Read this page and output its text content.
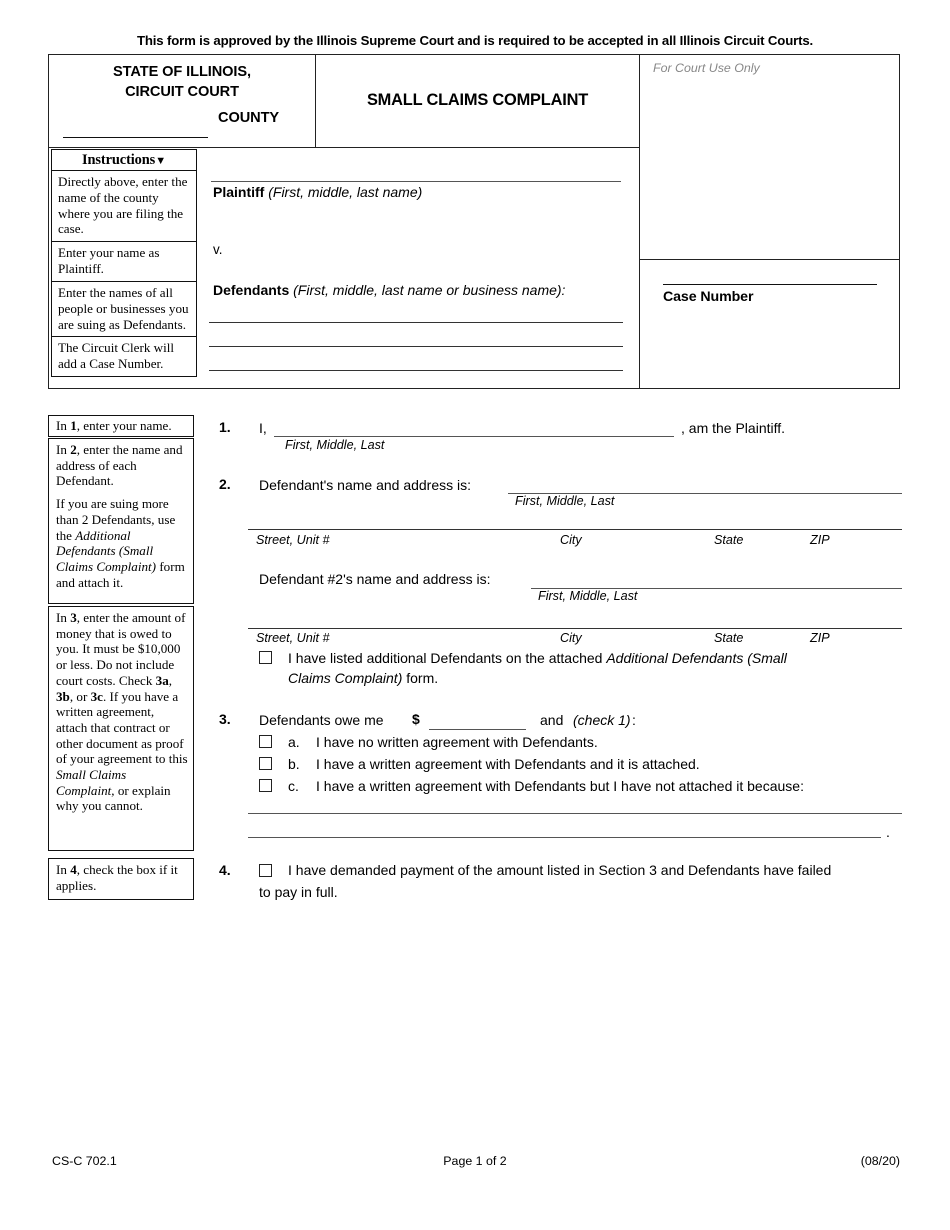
This form is approved by the Illinois Supreme Court and is required to be accepted in all Illinois Circuit Courts.
STATE OF ILLINOIS,
CIRCUIT COURT
COUNTY
SMALL CLAIMS COMPLAINT
For Court Use Only
Case Number
Instructions▼
Directly above, enter the name of the county where you are filing the case.
Enter your name as Plaintiff.
Enter the names of all people or businesses you are suing as Defendants.
The Circuit Clerk will add a Case Number.
Plaintiff (First, middle, last name)
v.
Defendants (First, middle, last name or business name):

In 1, enter your name.

In 2, enter the name and address of each Defendant.

If you are suing more than 2 Defendants, use the Additional Defendants (Small Claims Complaint) form and attach it.

In 3, enter the amount of money that is owed to you. It must be $10,000 or less. Do not include court costs. Check 3a, 3b, or 3c. If you have a written agreement, attach that contract or other document as proof of your agreement to this Small Claims Complaint, or explain why you cannot.

In 4, check the box if it applies.

1. I,
First, Middle, Last
, am the Plaintiff.
2. Defendant's name and address is:
First, Middle, Last
Street, Unit #	City	State	ZIP
Defendant #2's name and address is:
First, Middle, Last
Street, Unit #	City	State	ZIP
I have listed additional Defendants on the attached Additional Defendants (Small
Claims Complaint) form.
3. Defendants owe me $	and (check 1) :
a. I have no written agreement with Defendants.
b. I have a written agreement with Defendants and it is attached.
c. I have a written agreement with Defendants but I have not attached it because:
.
4.	I have demanded payment of the amount listed in Section 3 and Defendants have failed
to pay in full.
CS-C 702.1	Page 1 of 2	(08/20)
